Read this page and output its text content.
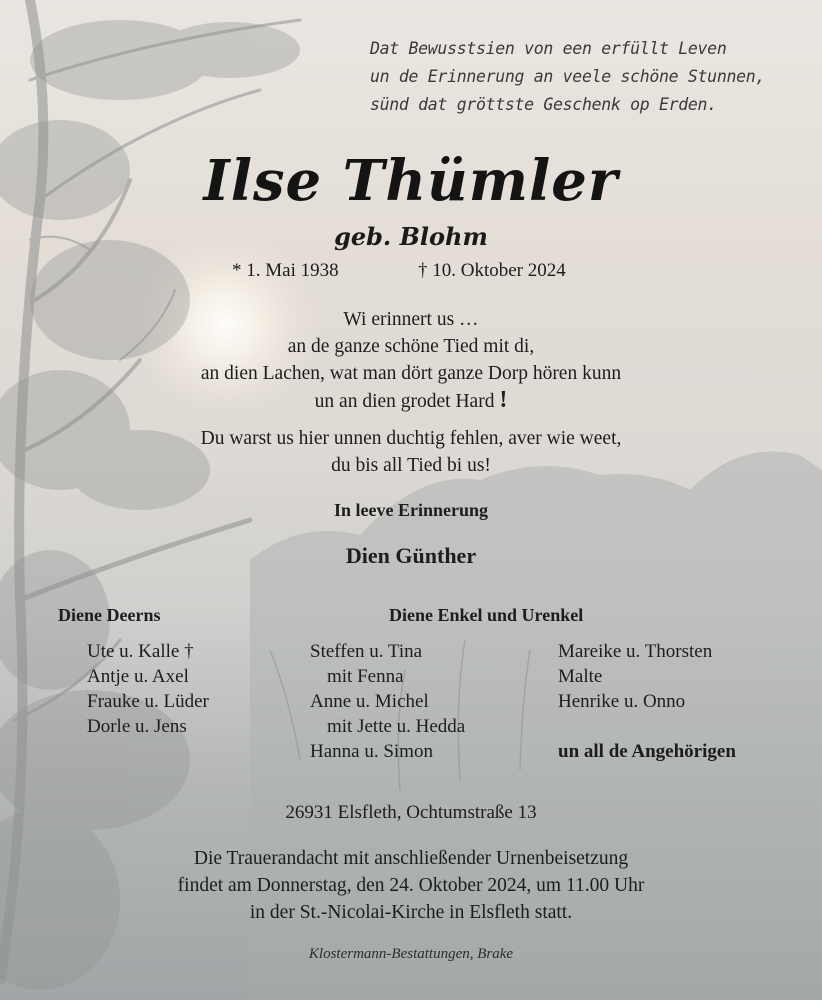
Dat Bewusstsien von een erfüllt Leven
un de Erinnerung an veele schöne Stunnen,
sünd dat gröttste Geschenk op Erden.
Ilse Thümler
geb. Blohm
* 1. Mai 1938	† 10. Oktober 2024
Wi erinnert us …
an de ganze schöne Tied mit di,
an dien Lachen, wat man dört ganze Dorp hören kunn
un an dien grodet Hard !
Du warst us hier unnen duchtig fehlen, aver wie weet,
du bis all Tied bi us!
In leeve Erinnerung
Dien Günther
Diene Deerns	Diene Enkel und Urenkel
Ute u. Kalle †
Antje u. Axel
Frauke u. Lüder
Dorle u. Jens
Steffen u. Tina
mit Fenna
Anne u. Michel
mit Jette u. Hedda
Hanna u. Simon
Mareike u. Thorsten
Malte
Henrike u. Onno

un all de Angehörigen
26931 Elsfleth, Ochtumstraße 13
Die Trauerandacht mit anschließender Urnenbeisetzung
findet am Donnerstag, den 24. Oktober 2024, um 11.00 Uhr
in der St.-Nicolai-Kirche in Elsfleth statt.
Klostermann-Bestattungen, Brake
